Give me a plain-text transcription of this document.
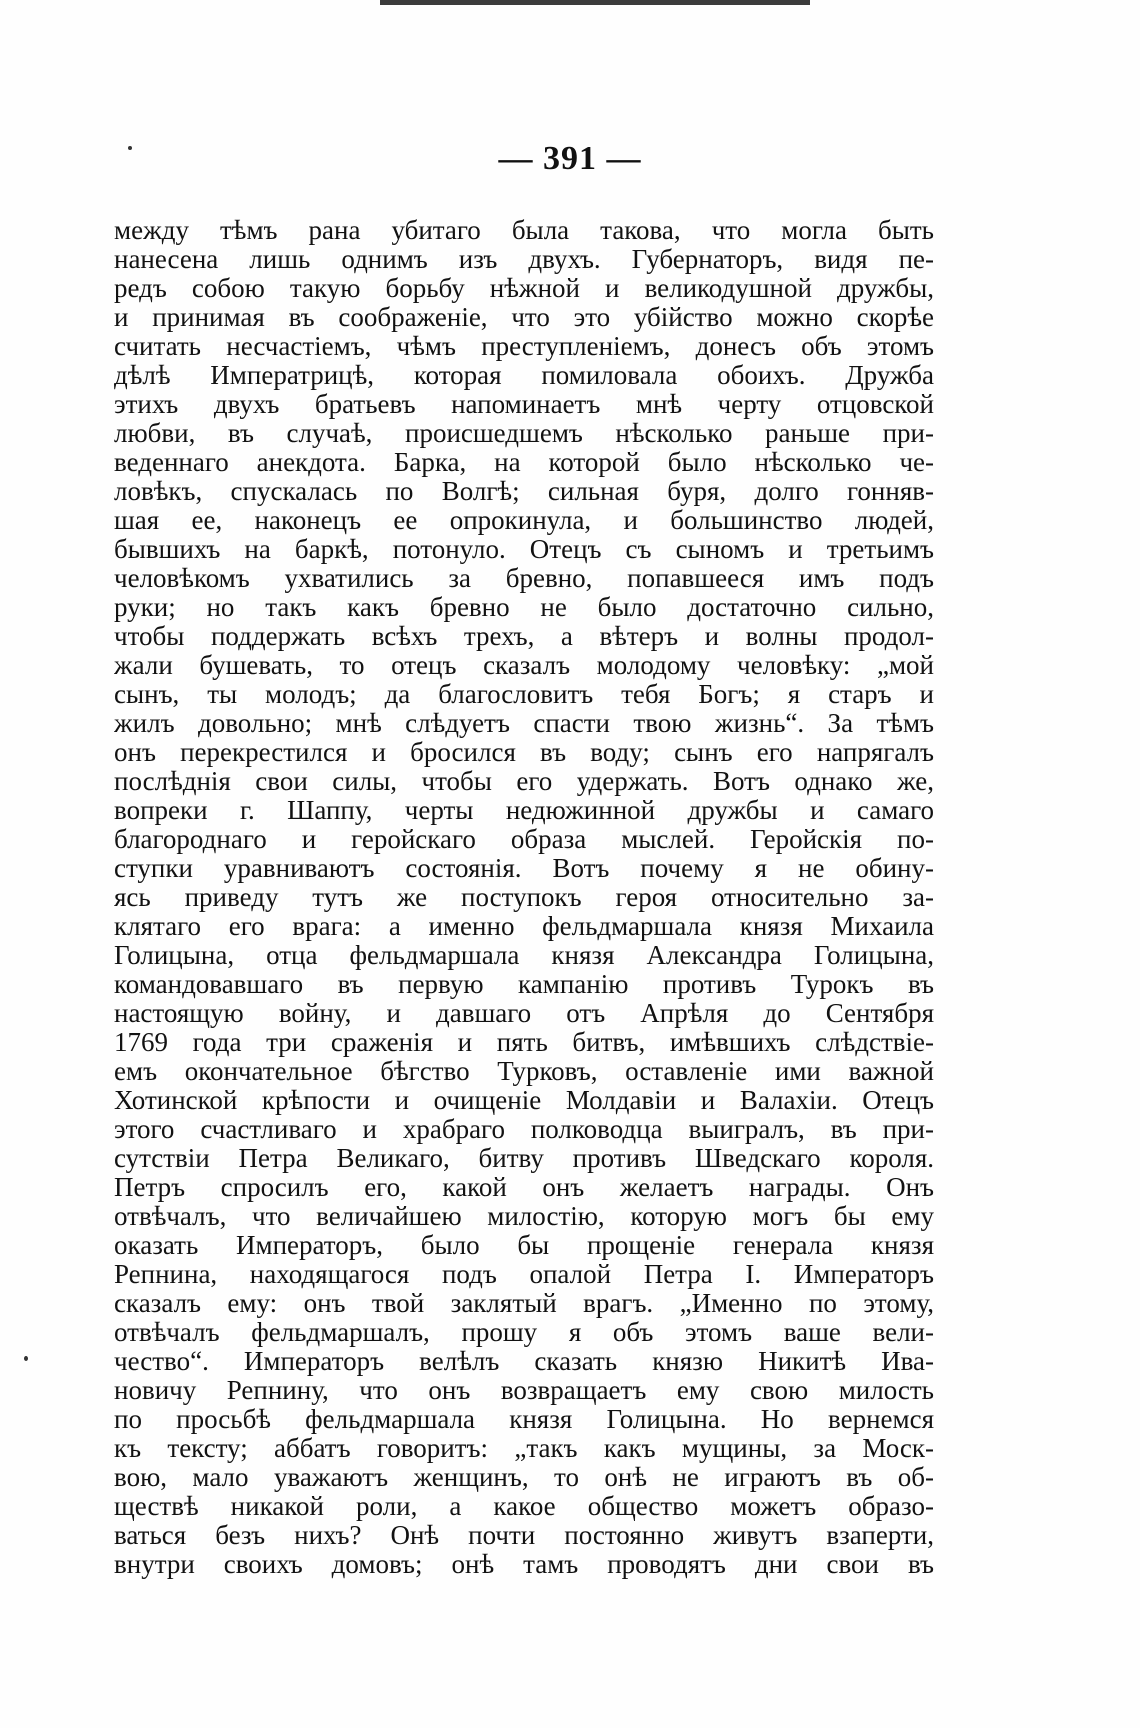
— 391 —
между тѣмъ рана убитаго была такова, что могла быть
нанесена лишь однимъ изъ двухъ. Губернаторъ, видя пе-
редъ собою такую борьбу нѣжной и великодушной дружбы,
и принимая въ соображеніе, что это убійство можно скорѣе
считать несчастіемъ, чѣмъ преступленіемъ, донесъ объ этомъ
дѣлѣ Императрицѣ, которая помиловала обоихъ. Дружба
этихъ двухъ братьевъ напоминаетъ мнѣ черту отцовской
любви, въ случаѣ, происшедшемъ нѣсколько раньше при-
веденнаго анекдота. Барка, на которой было нѣсколько че-
ловѣкъ, спускалась по Волгѣ; сильная буря, долго гонняв-
шая ее, наконецъ ее опрокинула, и большинство людей,
бывшихъ на баркѣ, потонуло. Отецъ съ сыномъ и третьимъ
человѣкомъ ухватились за бревно, попавшееся имъ подъ
руки; но такъ какъ бревно не было достаточно сильно,
чтобы поддержать всѣхъ трехъ, а вѣтеръ и волны продол-
жали бушевать, то отецъ сказалъ молодому человѣку: „мой
сынъ, ты молодъ; да благословитъ тебя Богъ; я старъ и
жилъ довольно; мнѣ слѣдуетъ спасти твою жизнь“. За тѣмъ
онъ перекрестился и бросился въ воду; сынъ его напрягалъ
послѣднія свои силы, чтобы его удержать. Вотъ однако же,
вопреки г. Шаппу, черты недюжинной дружбы и самаго
благороднаго и геройскаго образа мыслей. Геройскія по-
ступки уравниваютъ состоянія. Вотъ почему я не обину-
ясь приведу тутъ же поступокъ героя относительно за-
клятаго его врага: а именно фельдмаршала князя Михаила
Голицына, отца фельдмаршала князя Александра Голицына,
командовавшаго въ первую кампанію противъ Турокъ въ
настоящую войну, и давшаго отъ Апрѣля до Сентября
1769 года три сраженія и пять битвъ, имѣвшихъ слѣдствіе-
емъ окончательное бѣгство Турковъ, оставленіе ими важной
Хотинской крѣпости и очищеніе Молдавіи и Валахіи. Отецъ
этого счастливаго и храбраго полководца выигралъ, въ при-
сутствіи Петра Великаго, битву противъ Шведскаго короля.
Петръ спросилъ его, какой онъ желаетъ награды. Онъ
отвѣчалъ, что величайшею милостію, которую могъ бы ему
оказать Императоръ, было бы прощеніе генерала князя
Репнина, находящагося подъ опалой Петра I. Императоръ
сказалъ ему: онъ твой заклятый врагъ. „Именно по этому,
отвѣчалъ фельдмаршалъ, прошу я объ этомъ ваше вели-
чество“. Императоръ велѣлъ сказать князю Никитѣ Ива-
новичу Репнину, что онъ возвращаетъ ему свою милость
по просьбѣ фельдмаршала князя Голицына. Но вернемся
къ тексту; аббатъ говоритъ: „такъ какъ мущины, за Моск-
вою, мало уважаютъ женщинъ, то онѣ не играютъ въ об-
ществѣ никакой роли, а какое общество можетъ образо-
ваться безъ нихъ? Онѣ почти постоянно живутъ взаперти,
внутри своихъ домовъ; онѣ тамъ проводятъ дни свои въ
